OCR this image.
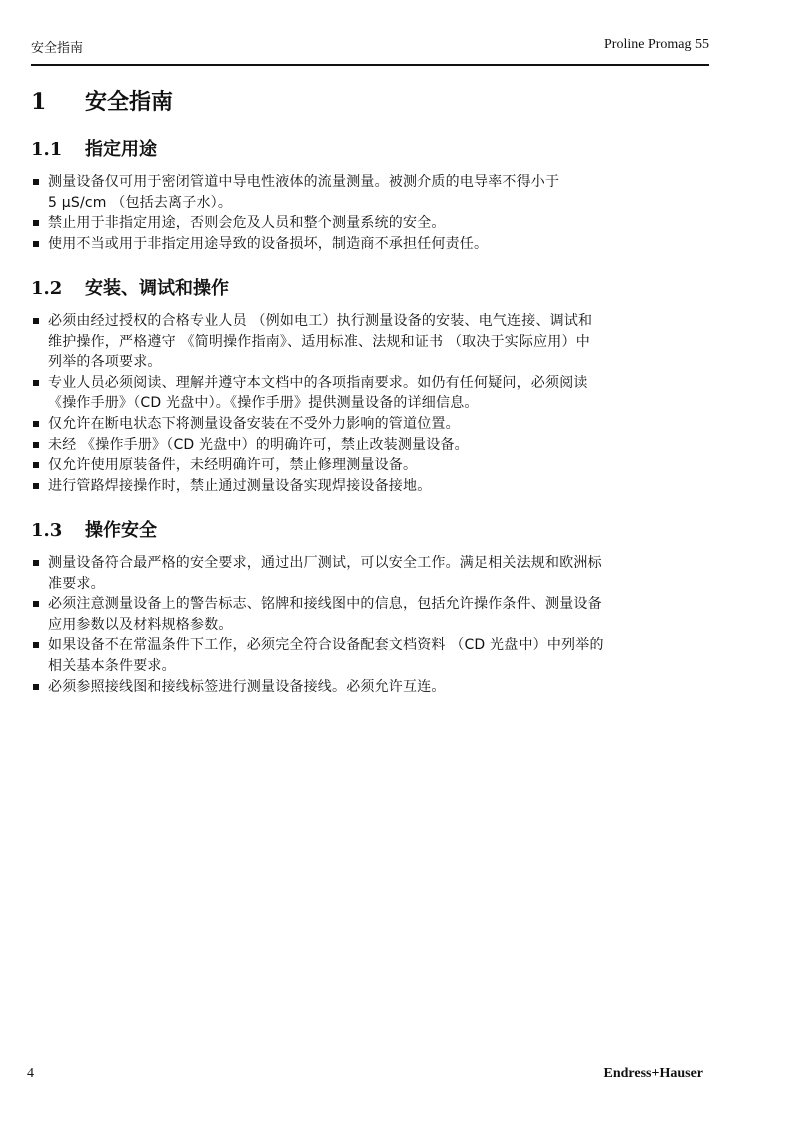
安全指南	Proline Promag 55
1 安全指南
1.1 指定用途
测量设备仅可用于密闭管道中导电性液体的流量测量。被测介质的电导率不得小于
5 μS/cm （包括去离子水）。
禁止用于非指定用途，否则会危及人员和整个测量系统的安全。
使用不当或用于非指定用途导致的设备损坏，制造商不承担任何责任。
1.2 安装、调试和操作
必须由经过授权的合格专业人员 （例如电工）执行测量设备的安装、电气连接、调试和
维护操作，严格遵守 《简明操作指南》、适用标准、法规和证书 （取决于实际应用）中
列举的各项要求。
专业人员必须阅读、理解并遵守本文档中的各项指南要求。如仍有任何疑问，必须阅读
《操作手册》（CD 光盘中）。《操作手册》提供测量设备的详细信息。
仅允许在断电状态下将测量设备安装在不受外力影响的管道位置。
未经 《操作手册》（CD 光盘中）的明确许可，禁止改装测量设备。
仅允许使用原装备件，未经明确许可，禁止修理测量设备。
进行管路焊接操作时，禁止通过测量设备实现焊接设备接地。
1.3 操作安全
测量设备符合最严格的安全要求，通过出厂测试，可以安全工作。满足相关法规和欧洲标
准要求。
必须注意测量设备上的警告标志、铭牌和接线图中的信息，包括允许操作条件、测量设备
应用参数以及材料规格参数。
如果设备不在常温条件下工作，必须完全符合设备配套文档资料 （CD 光盘中）中列举的
相关基本条件要求。
必须参照接线图和接线标签进行测量设备接线。必须允许互连。
4	Endress+Hauser
